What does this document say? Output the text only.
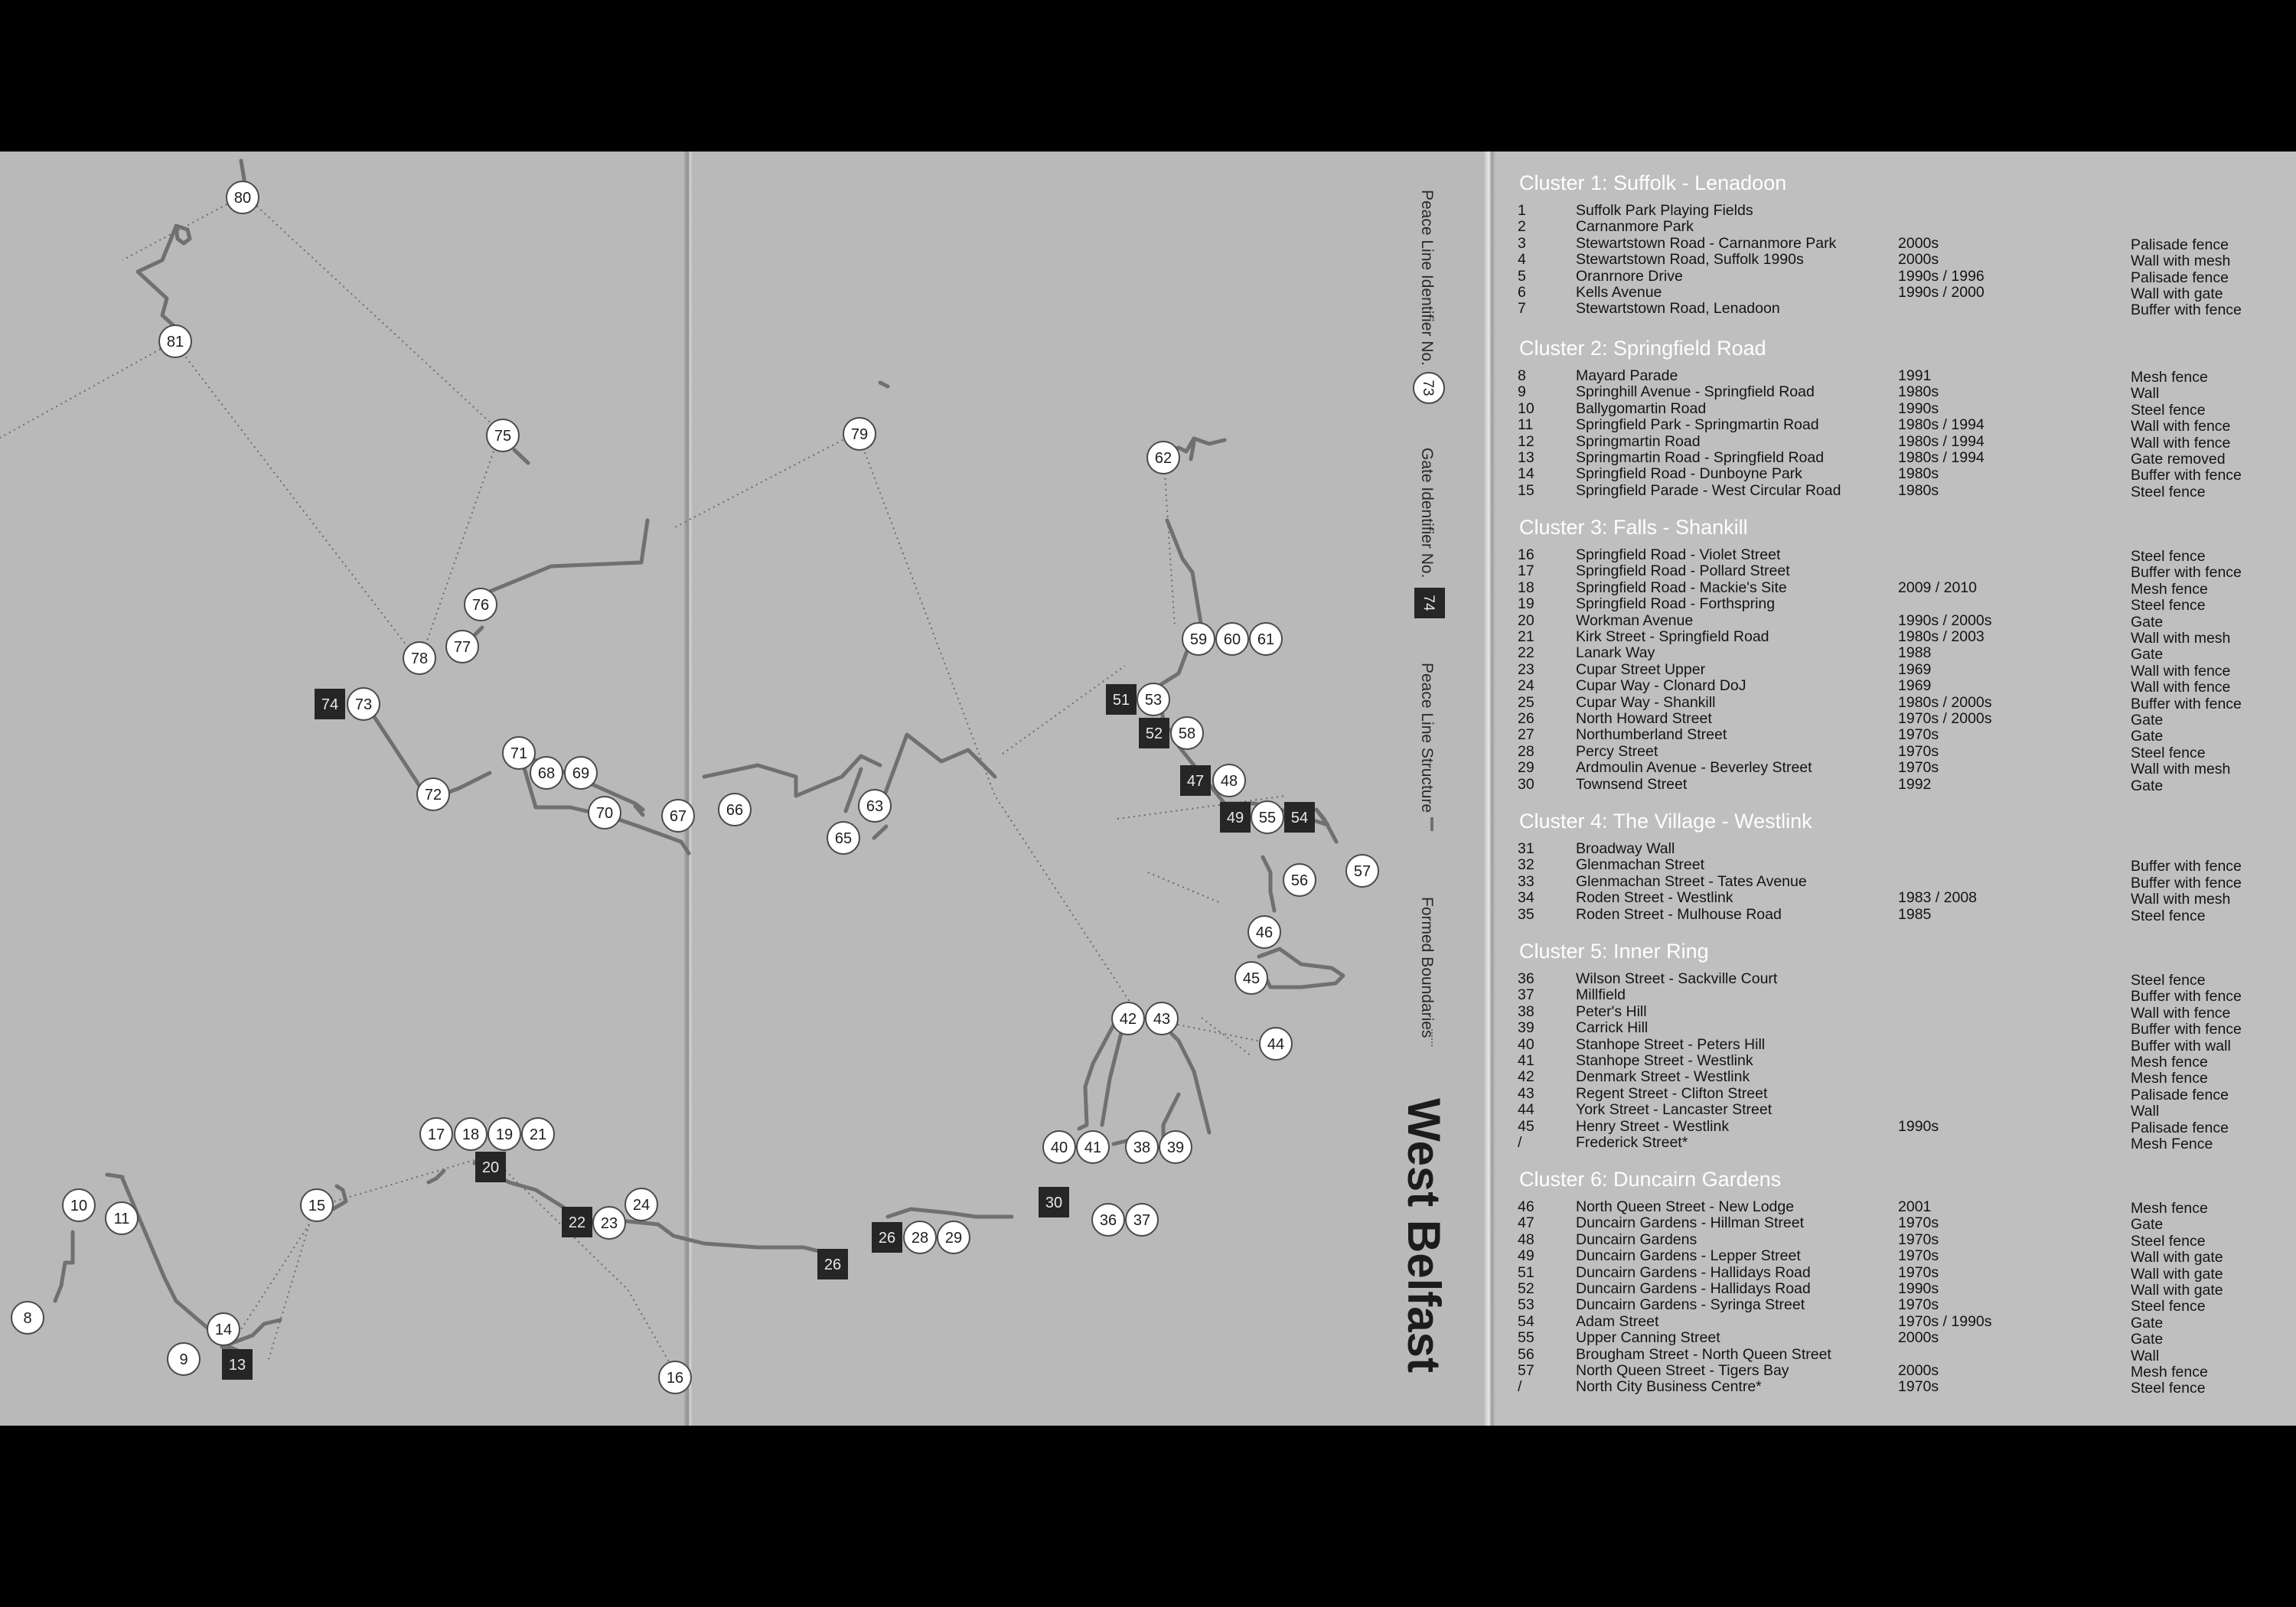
8
9
10
11
14
15
16
17 18 19 21
23
24
28 29
36 37
38 39
40 41
42 43
44
45
46
48
53
55
56
57
58
59 60 61
62
63
65
66
67
68 69
70
71
72
73
75
76
77
78
79
80
81
13
20
22
26
26
30
47
49
51
52
54
74
Peace Line Identifier No.
73
Gate Identifier No.
74
Peace Line Structure
Formed Boundaries
West Belfast
Cluster 1: Suffolk - Lenadoon
1	Suffolk Park Playing Fields
2	Carnanmore Park
3	Stewartstown Road - Carnanmore Park	2000s	Palisade fence
4	Stewartstown Road, Suffolk 1990s	2000s	Wall with mesh
5	Oranrnore Drive	1990s / 1996	Palisade fence
6	Kells Avenue	1990s / 2000	Wall with gate
7	Stewartstown Road, Lenadoon	Buffer with fence
Cluster 2: Springfield Road
8	Mayard Parade	1991	Mesh fence
9	Springhill Avenue - Springfield Road	1980s	Wall
10	Ballygomartin Road	1990s	Steel fence
11	Springfield Park - Springmartin Road	1980s / 1994	Wall with fence
12	Springmartin Road	1980s / 1994	Wall with fence
13	Springmartin Road - Springfield Road	1980s / 1994	Gate removed
14	Springfield Road - Dunboyne Park	1980s	Buffer with fence
15	Springfield Parade - West Circular Road	1980s	Steel fence
Cluster 3: Falls - Shankill
16	Springfield Road - Violet Street	Steel fence
17	Springfield Road - Pollard Street	Buffer with fence
18	Springfield Road - Mackie's Site	2009 / 2010	Mesh fence
19	Springfield Road - Forthspring	Steel fence
20	Workman Avenue	1990s / 2000s	Gate
21	Kirk Street - Springfield Road	1980s / 2003	Wall with mesh
22	Lanark Way	1988	Gate
23	Cupar Street Upper	1969	Wall with fence
24	Cupar Way - Clonard DoJ	1969	Wall with fence
25	Cupar Way - Shankill	1980s / 2000s	Buffer with fence
26	North Howard Street	1970s / 2000s	Gate
27	Northumberland Street	1970s	Gate
28	Percy Street	1970s	Steel fence
29	Ardmoulin Avenue - Beverley Street	1970s	Wall with mesh
30	Townsend Street	1992	Gate
Cluster 4: The Village - Westlink
31	Broadway Wall
32	Glenmachan Street	Buffer with fence
33	Glenmachan Street - Tates Avenue	Buffer with fence
34	Roden Street - Westlink	1983 / 2008	Wall with mesh
35	Roden Street - Mulhouse Road	1985	Steel fence
Cluster 5: Inner Ring
36	Wilson Street - Sackville Court	Steel fence
37	Millfield	Buffer with fence
38	Peter's Hill	Wall with fence
39	Carrick Hill	Buffer with fence
40	Stanhope Street - Peters Hill	Buffer with wall
41	Stanhope Street - Westlink	Mesh fence
42	Denmark Street - Westlink	Mesh fence
43	Regent Street - Clifton Street	Palisade fence
44	York Street - Lancaster Street	Wall
45	Henry Street - Westlink	1990s	Palisade fence
/	Frederick Street*	Mesh Fence
Cluster 6: Duncairn Gardens
46	North Queen Street - New Lodge	2001	Mesh fence
47	Duncairn Gardens - Hillman Street	1970s	Gate
48	Duncairn Gardens	1970s	Steel fence
49	Duncairn Gardens - Lepper Street	1970s	Wall with gate
51	Duncairn Gardens - Hallidays Road	1970s	Wall with gate
52	Duncairn Gardens - Hallidays Road	1990s	Wall with gate
53	Duncairn Gardens - Syringa Street	1970s	Steel fence
54	Adam Street	1970s / 1990s	Gate
55	Upper Canning Street	2000s	Gate
56	Brougham Street - North Queen Street	Wall
57	North Queen Street - Tigers Bay	2000s	Mesh fence
/	North City Business Centre*	1970s	Steel fence
